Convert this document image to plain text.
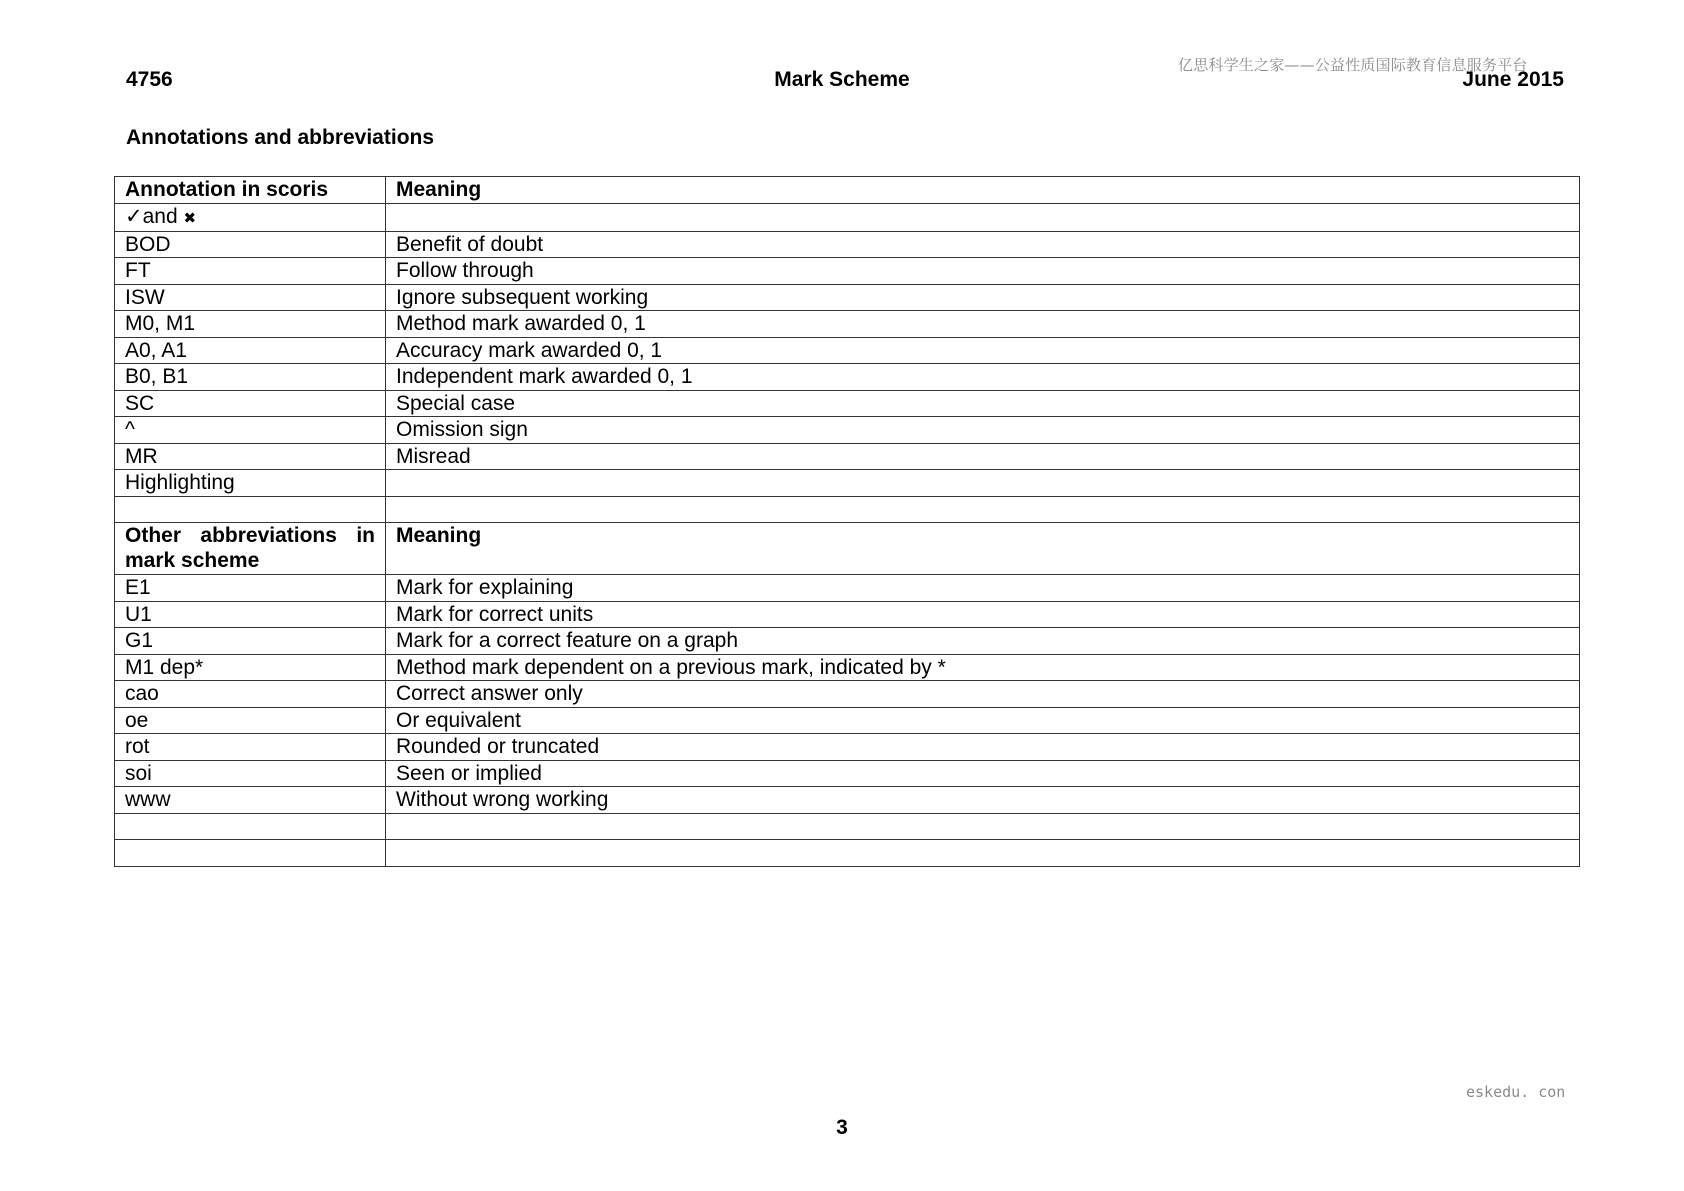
亿思科学生之家——公益性质国际教育信息服务平台
4756	Mark Scheme	June 2015
Annotations and abbreviations
Annotation in scoris	Meaning
✓and ✖	
BOD	Benefit of doubt
FT	Follow through
ISW	Ignore subsequent working
M0, M1	Method mark awarded 0, 1
A0, A1	Accuracy mark awarded 0, 1
B0, B1	Independent mark awarded 0, 1
SC	Special case
^	Omission sign
MR	Misread
Highlighting	

Other abbreviations in
mark scheme	Meaning
E1	Mark for explaining
U1	Mark for correct units
G1	Mark for a correct feature on a graph
M1 dep*	Method mark dependent on a previous mark, indicated by *
cao	Correct answer only
oe	Or equivalent
rot	Rounded or truncated
soi	Seen or implied
www	Without wrong working

eskedu. con
3
